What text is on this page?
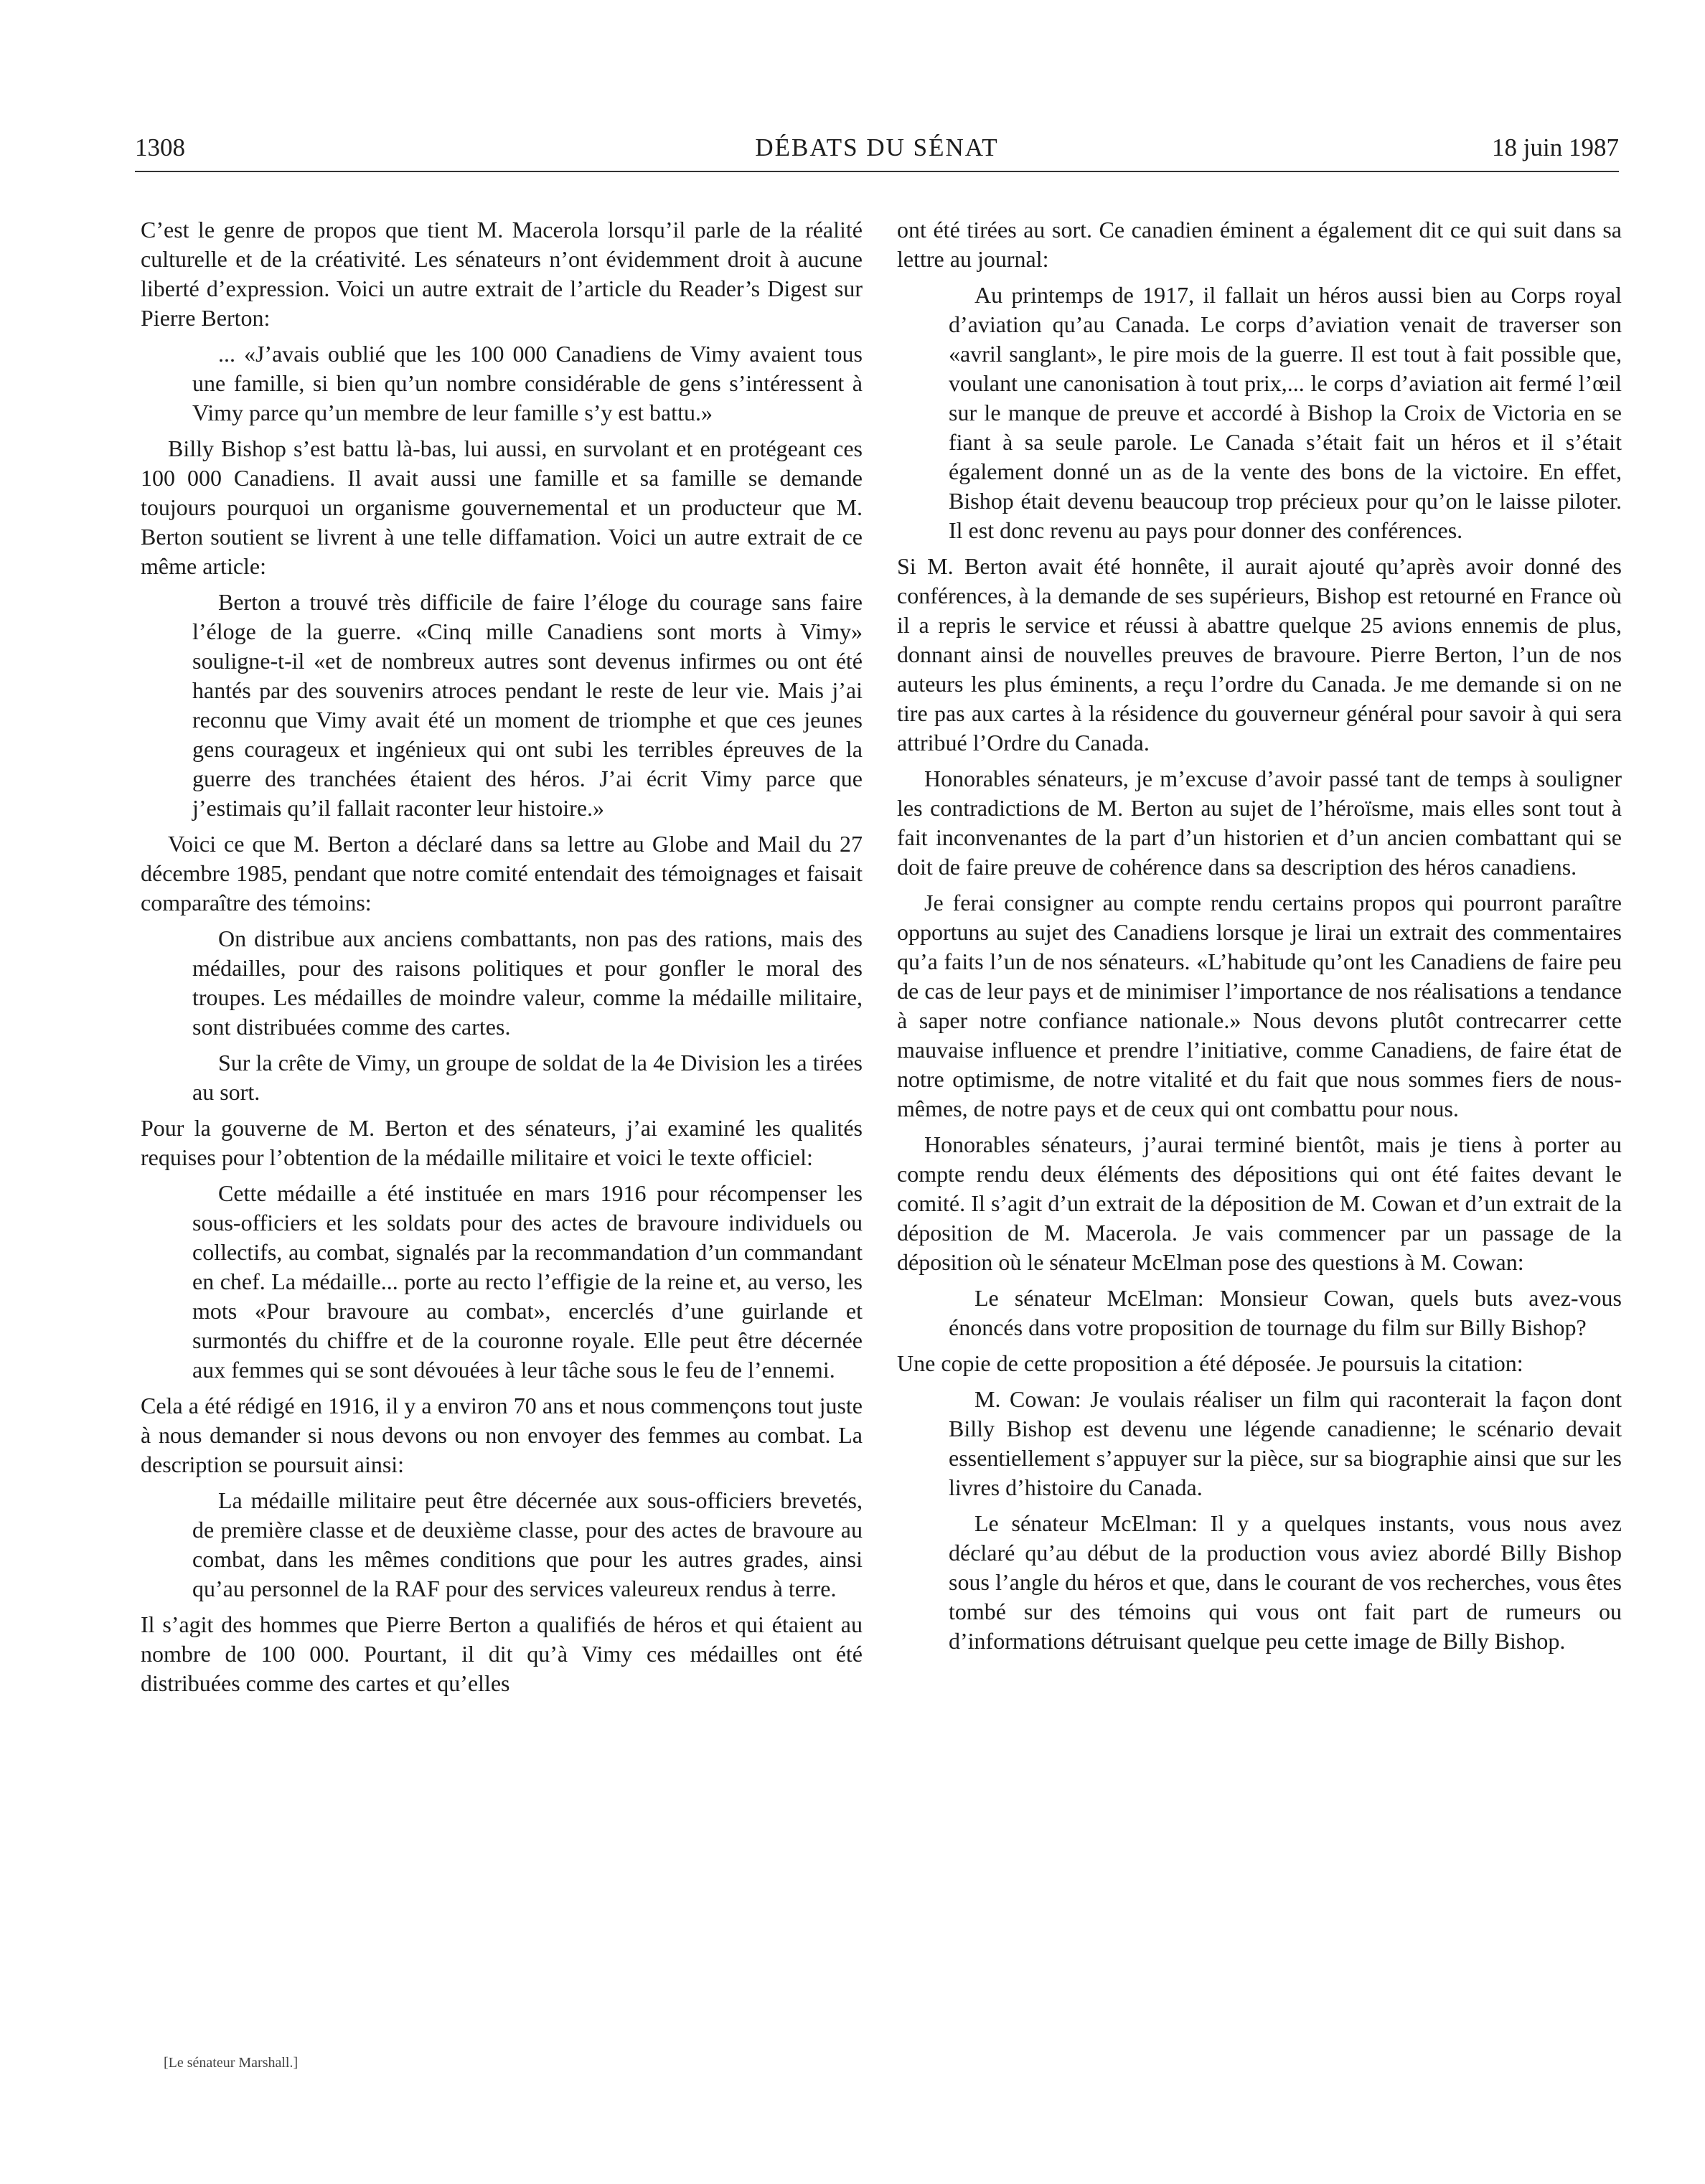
1308	DÉBATS DU SÉNAT	18 juin 1987

C’est le genre de propos que tient M. Macerola lorsqu’il parle de la réalité culturelle et de la créativité. Les sénateurs n’ont évidemment droit à aucune liberté d’expression. Voici un autre extrait de l’article du Reader’s Digest sur Pierre Berton:

... «J’avais oublié que les 100 000 Canadiens de Vimy avaient tous une famille, si bien qu’un nombre considérable de gens s’intéressent à Vimy parce qu’un membre de leur famille s’y est battu.»

Billy Bishop s’est battu là-bas, lui aussi, en survolant et en protégeant ces 100 000 Canadiens. Il avait aussi une famille et sa famille se demande toujours pourquoi un organisme gouvernemental et un producteur que M. Berton soutient se livrent à une telle diffamation. Voici un autre extrait de ce même article:

Berton a trouvé très difficile de faire l’éloge du courage sans faire l’éloge de la guerre. «Cinq mille Canadiens sont morts à Vimy» souligne-t-il «et de nombreux autres sont devenus infirmes ou ont été hantés par des souvenirs atroces pendant le reste de leur vie. Mais j’ai reconnu que Vimy avait été un moment de triomphe et que ces jeunes gens courageux et ingénieux qui ont subi les terribles épreuves de la guerre des tranchées étaient des héros. J’ai écrit Vimy parce que j’estimais qu’il fallait raconter leur histoire.»

Voici ce que M. Berton a déclaré dans sa lettre au Globe and Mail du 27 décembre 1985, pendant que notre comité entendait des témoignages et faisait comparaître des témoins:

On distribue aux anciens combattants, non pas des rations, mais des médailles, pour des raisons politiques et pour gonfler le moral des troupes. Les médailles de moindre valeur, comme la médaille militaire, sont distribuées comme des cartes.

Sur la crête de Vimy, un groupe de soldat de la 4e Division les a tirées au sort.

Pour la gouverne de M. Berton et des sénateurs, j’ai examiné les qualités requises pour l’obtention de la médaille militaire et voici le texte officiel:

Cette médaille a été instituée en mars 1916 pour récompenser les sous-officiers et les soldats pour des actes de bravoure individuels ou collectifs, au combat, signalés par la recommandation d’un commandant en chef. La médaille... porte au recto l’effigie de la reine et, au verso, les mots «Pour bravoure au combat», encerclés d’une guirlande et surmontés du chiffre et de la couronne royale. Elle peut être décernée aux femmes qui se sont dévouées à leur tâche sous le feu de l’ennemi.

Cela a été rédigé en 1916, il y a environ 70 ans et nous commençons tout juste à nous demander si nous devons ou non envoyer des femmes au combat. La description se poursuit ainsi:

La médaille militaire peut être décernée aux sous-officiers brevetés, de première classe et de deuxième classe, pour des actes de bravoure au combat, dans les mêmes conditions que pour les autres grades, ainsi qu’au personnel de la RAF pour des services valeureux rendus à terre.

Il s’agit des hommes que Pierre Berton a qualifiés de héros et qui étaient au nombre de 100 000. Pourtant, il dit qu’à Vimy ces médailles ont été distribuées comme des cartes et qu’elles

ont été tirées au sort. Ce canadien éminent a également dit ce qui suit dans sa lettre au journal:

Au printemps de 1917, il fallait un héros aussi bien au Corps royal d’aviation qu’au Canada. Le corps d’aviation venait de traverser son «avril sanglant», le pire mois de la guerre. Il est tout à fait possible que, voulant une canonisation à tout prix,... le corps d’aviation ait fermé l’œil sur le manque de preuve et accordé à Bishop la Croix de Victoria en se fiant à sa seule parole. Le Canada s’était fait un héros et il s’était également donné un as de la vente des bons de la victoire. En effet, Bishop était devenu beaucoup trop précieux pour qu’on le laisse piloter. Il est donc revenu au pays pour donner des conférences.

Si M. Berton avait été honnête, il aurait ajouté qu’après avoir donné des conférences, à la demande de ses supérieurs, Bishop est retourné en France où il a repris le service et réussi à abattre quelque 25 avions ennemis de plus, donnant ainsi de nouvelles preuves de bravoure. Pierre Berton, l’un de nos auteurs les plus éminents, a reçu l’ordre du Canada. Je me demande si on ne tire pas aux cartes à la résidence du gouverneur général pour savoir à qui sera attribué l’Ordre du Canada.

Honorables sénateurs, je m’excuse d’avoir passé tant de temps à souligner les contradictions de M. Berton au sujet de l’héroïsme, mais elles sont tout à fait inconvenantes de la part d’un historien et d’un ancien combattant qui se doit de faire preuve de cohérence dans sa description des héros canadiens.

Je ferai consigner au compte rendu certains propos qui pourront paraître opportuns au sujet des Canadiens lorsque je lirai un extrait des commentaires qu’a faits l’un de nos sénateurs. «L’habitude qu’ont les Canadiens de faire peu de cas de leur pays et de minimiser l’importance de nos réalisations a tendance à saper notre confiance nationale.» Nous devons plutôt contrecarrer cette mauvaise influence et prendre l’initiative, comme Canadiens, de faire état de notre optimisme, de notre vitalité et du fait que nous sommes fiers de nous-mêmes, de notre pays et de ceux qui ont combattu pour nous.

Honorables sénateurs, j’aurai terminé bientôt, mais je tiens à porter au compte rendu deux éléments des dépositions qui ont été faites devant le comité. Il s’agit d’un extrait de la déposition de M. Cowan et d’un extrait de la déposition de M. Macerola. Je vais commencer par un passage de la déposition où le sénateur McElman pose des questions à M. Cowan:

Le sénateur McElman: Monsieur Cowan, quels buts avez-vous énoncés dans votre proposition de tournage du film sur Billy Bishop?

Une copie de cette proposition a été déposée. Je poursuis la citation:

M. Cowan: Je voulais réaliser un film qui raconterait la façon dont Billy Bishop est devenu une légende canadienne; le scénario devait essentiellement s’appuyer sur la pièce, sur sa biographie ainsi que sur les livres d’histoire du Canada.

Le sénateur McElman: Il y a quelques instants, vous nous avez déclaré qu’au début de la production vous aviez abordé Billy Bishop sous l’angle du héros et que, dans le courant de vos recherches, vous êtes tombé sur des témoins qui vous ont fait part de rumeurs ou d’informations détruisant quelque peu cette image de Billy Bishop.

[Le sénateur Marshall.]
